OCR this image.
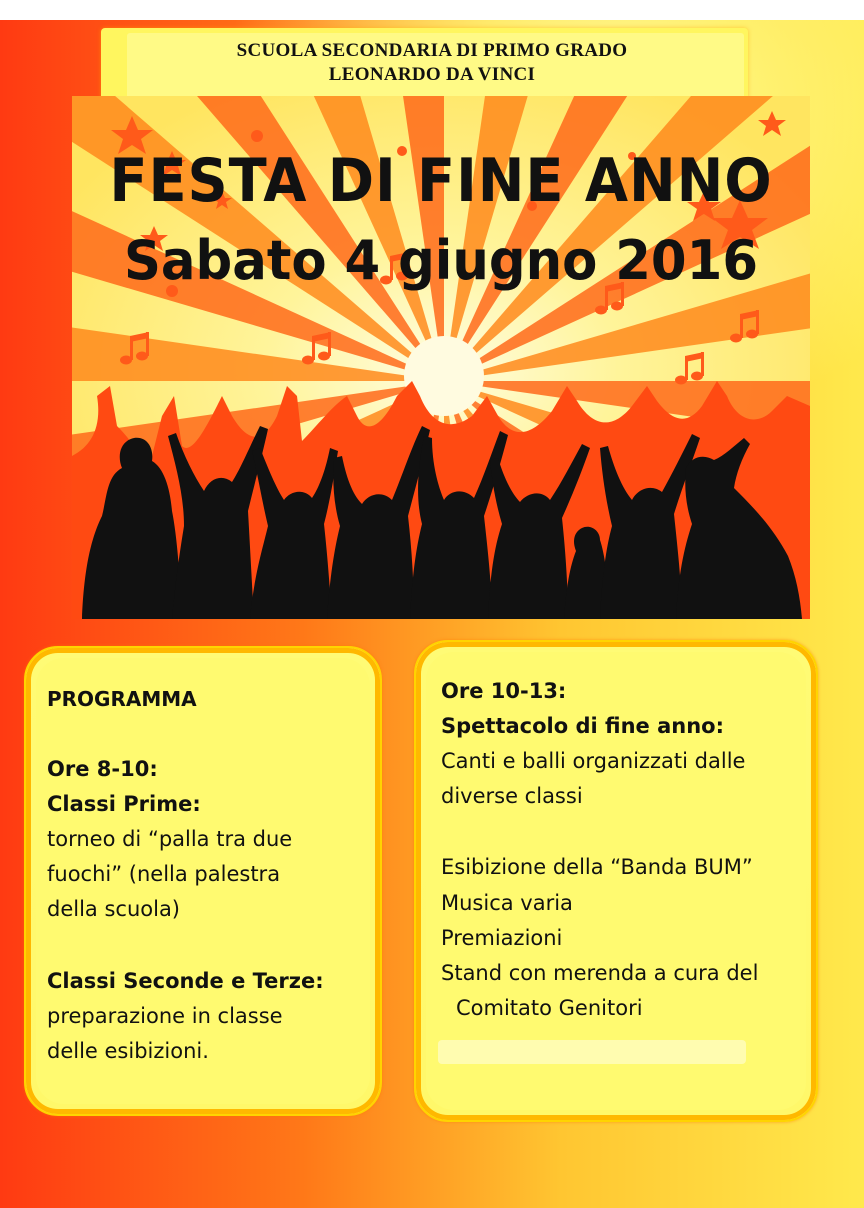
SCUOLA SECONDARIA DI PRIMO GRADO
LEONARDO DA VINCI
FESTA DI FINE ANNO
Sabato 4 giugno 2016
PROGRAMMA
Ore 8-10:
Classi Prime:
torneo di “palla tra due
fuochi” (nella palestra
della scuola)
Classi Seconde e Terze:
preparazione in classe
delle esibizioni.
Ore 10-13:
Spettacolo di fine anno:
Canti e balli organizzati dalle
diverse classi
Esibizione della “Banda BUM”
Musica varia
Premiazioni
Stand con merenda a cura del
Comitato Genitori
